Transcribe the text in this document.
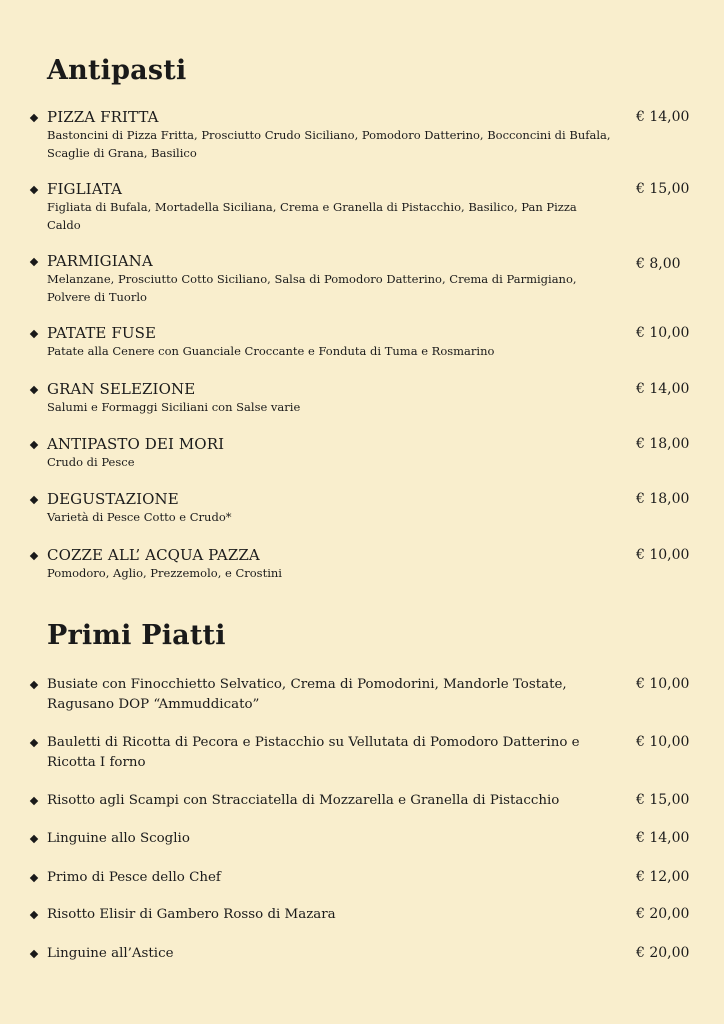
Antipasti
PIZZA FRITTA
Bastoncini di Pizza Fritta, Prosciutto Crudo Siciliano, Pomodoro Datterino, Bocconcini di Bufala, Scaglie di Grana, Basilico
€ 14,00
FIGLIATA
Figliata di Bufala, Mortadella Siciliana, Crema e Granella di Pistacchio, Basilico, Pan Pizza Caldo
€ 15,00
PARMIGIANA
Melanzane, Prosciutto Cotto Siciliano, Salsa di Pomodoro Datterino, Crema di Parmigiano, Polvere di Tuorlo
€ 8,00
PATATE FUSE
Patate alla Cenere con Guanciale Croccante e Fonduta di Tuma e Rosmarino
€ 10,00
GRAN SELEZIONE
Salumi e Formaggi Siciliani con Salse varie
€ 14,00
ANTIPASTO DEI MORI
Crudo di Pesce
€ 18,00
DEGUSTAZIONE
Varietà di Pesce Cotto e Crudo*
€ 18,00
COZZE ALL’ ACQUA PAZZA
Pomodoro, Aglio, Prezzemolo, e Crostini
€ 10,00
Primi Piatti
Busiate con Finocchietto Selvatico, Crema di Pomodorini, Mandorle Tostate, Ragusano DOP “Ammuddicato”
€ 10,00
Bauletti di Ricotta di Pecora e Pistacchio su Vellutata di Pomodoro Datterino e Ricotta I forno
€ 10,00
Risotto agli Scampi con Stracciatella di Mozzarella e Granella di Pistacchio	€ 15,00
Linguine allo Scoglio	€ 14,00
Primo di Pesce dello Chef	€ 12,00
Risotto Elisir di Gambero Rosso di Mazara	€ 20,00
Linguine all’Astice	€ 20,00
